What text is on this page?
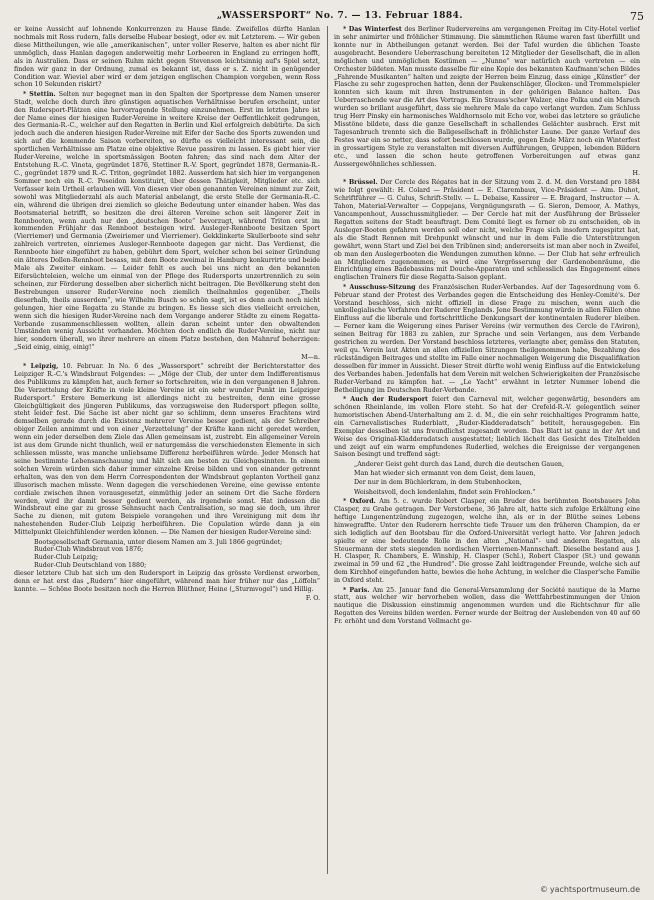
„WASSERSPORT“ No. 7. — 13. Februar 1884.	75

er keine Aussicht auf lohnende Konkurrenzen zu Hause fände. Zweifellos dürfte Hanlan nochmals mit Ross rudern, falls derselbe Hubear besiegt, oder ev. mit Letzterem. — Wir geben diese Mittheilungen, wie alle „amerikanischen“, unter voller Reserve, halten es aber nicht für unmöglich, dass Hanlan dagegen anderweitig mehr Lorbeeren in England zu erringen hofft, als in Australien. Dass er seinen Ruhm nicht gegen Stevenson leichtsinnig auf's Spiel setzt, finden wir ganz in der Ordnung, zumal es bekannt ist, dass er s. Z. nicht in genügender Condition war. Wieviel aber wird er dem jetzigen englischen Champion vorgeben, wenn Ross schon 10 Sekunden riskirt?

* Stettin. Selten nur begegnet man in den Spalten der Sportpresse dem Namen unserer Stadt, welche doch durch ihre günstigen aquatischen Verhältnisse berufen erscheint, unter den Rudersport-Plätzen eine hervorragende Stellung einzunehmen. Erst im letzten Jahre ist der Name eines der hiesigen Ruder-Vereine in weitere Kreise der Oeffentlichkeit gedrungen, des Germania-R.-C., welcher auf den Regatten in Berlin und Kiel erfolgreich debütirte. Da sich jedoch auch die anderen hiesigen Ruder-Vereine mit Eifer der Sache des Sports zuwenden und sich auf die kommende Saison vorbereiten, so dürfte es vielleicht interessant sein, die sportlichen Verhältnisse am Platze eine objektive Revue passiren zu lassen. Es giebt hier vier Ruder-Vereine, welche in sportsmässigen Booten fahren; das sind nach dem Alter der Entstehung R.-C. Vineta, gegründet 1876, Stettiner R.-V. Sport, gegründet 1878, Germania-R.-C., gegründet 1879 und R.-C. Triton, gegründet 1882. Ausserdem hat sich hier im vergangenen Sommer noch ein R.-C. Poseidon konstituirt, über dessen Thätigkeit, Mitglieder etc. sich Verfasser kein Urtheil erlauben will. Von diesen vier oben genannten Vereinen nimmt zur Zeit, sowohl was Mitgliederzahl als auch Material anbelangt, die erste Stelle der Germania-R.-C. ein, während die übrigen drei ziemlich so gleiche Bedeutung unter einander haben. Was das Bootsmaterial betrifft, so besitzen die drei älteren Vereine schon seit längerer Zeit in Rennbooten, wenn auch nur den „deutschen Boote“ bevorzugt, während Triton erst im kommenden Frühjahr das Rennboot besteigen wird. Ausleger-Rennboote besitzen Sport (Vierriemer) und Germania (Zweiriemer und Vierriemer). Gekklinkerte Skullerboote sind sehr zahlreich vertreten, einriemes Ausleger-Rennboote dagegen gar nicht. Das Verdienst, die Rennboote hier eingeführt zu haben, gebührt dem Sport, welcher schon bei seiner Gründung ein älteres Dollen-Rennboot besass, mit dem Boote zweimal in Hamburg konkurrirte und beide Male als Zweiter einkam. — Leider fehlt es auch bei uns nicht an den bekannten Eifersüchteleien, welche um einmal von der Pflege des Rudersports unzertrennlich zu sein scheinen, zur Förderung desselben aber sicherlich nicht beitragen. Die Bevölkerung steht den Bestrebungen unserer Ruder-Vereine noch ziemlich theilnahmlos gegenüber. „Theils dieserhalb, theils ausserdem“, wie Wilhelm Busch so schön sagt, ist es denn auch noch nicht gelungen, hier eine Regatta zu Stande zu bringen. Es liesse sich dies vielleicht erreichen, wenn sich die hiesigen Ruder-Vereine nach dem Vorgange anderer Städte zu einem Regatta-Verbande zusammenschliessen wollten, allein daran scheint unter den obwaltenden Umständen wenig Aussicht vorhanden. Möchten doch endlich die Ruder-Vereine, nicht nur hier, sondern überall, wo ihrer mehrere an einem Platze bestehen, den Mahnruf beherzigen: „Seid einig, einig, einig!“

M—n.

* Leipzig, 10. Februar. In No. 6 des „Wassersport“ schreibt der Berichterstatter des Leipziger R.-C.'s Windsbraut Folgendes: — „Möge der Club, der unter dem Indifferentismus des Publikums zu kämpfen hat, auch ferner so fortschreiten, wie in den vergangenen 8 Jahren. Die Verzettelung der Kräfte in viele kleine Vereine ist ein sehr wunder Punkt im Leipziger Rudersport.“ Erstere Bemerkung ist allerdings nicht zu bestreiten, denn eine grosse Gleichgültigkeit des jüngeren Publikums, das vorzugsweise den Rudersport pflegen sollte, steht leider fest. Die Sache ist aber nicht gar so schlimm, denn unseres Erachtens wird demselben gerade durch die Existenz mehrerer Vereine besser gedient, als der Schreiber obiger Zeilen annimmt und von einer „Verzettelung“ der Kräfte kann nicht geredet werden, wenn ein jeder derselben dem Ziele das Allen gemeinsam ist, zustrebt. Ein allgemeiner Verein ist aus dem Grunde nicht thunlich, weil er naturgemäss die verschiedensten Elemente in sich schliessen müsste, was manche unliebsame Differenz herbeiführen würde. Jeder Mensch hat seine bestimmte Lebensanschauung und hält sich am besten zu Gleichgesinnten. In einem solchen Verein würden sich daher immer einzelne Kreise bilden und von einander getrennt erhalten, was den von dem Herrn Correspondenten der Windsbraut geplanten Vortheil ganz illusorisch machen müsste. Wenn dagegen die verschiedenen Vereine, eine gewisse entente cordiale zwischen ihnen vorausgesetzt, einmüthig jeder an seinem Ort die Sache fördern werden, wird ihr damit besser gedient werden, als irgendwie sonst. Hat indessen die Windsbraut eine gar zu grosse Sehnsucht nach Centralisation, so mag sie doch, um ihrer Sache zu dienen, mit gutem Beispiele vorangehen und ihre Vereinigung mit dem ihr nahestehenden Ruder-Club Leipzig herbeiführen. Die Copulation würde dann ja ein Mittelpunkt Gleichfühlender werden können. — Die Namen der hiesigen Ruder-Vereine sind:

Bootsgesellschaft Germania, unter diesem Namen am 3. Juli 1866 gegründet;

Ruder-Club Windsbraut von 1876;

Ruder-Club Leipzig;

Ruder-Club Deutschland von 1880;

dieser letztere Club hat sich um den Rudersport in Leipzig das grösste Verdienst erworben, denn er hat erst das „Rudern“ hier eingeführt, während man hier früher nur das „Löffeln“ kannte. — Schöne Boote besitzen noch die Herren Blüthner, Heine („Sturmvogel“) und Hillig.

F. O.

* Das Winterfest des Berliner Rudervereins am vergangenen Freitag im City-Hotel verlief in sehr animirter und fröhlicher Stimmung. Die sämmtlichen Räume waren fast überfüllt und konnte nur in Abtheilungen getanzt werden. Bei der Tafel wurden die üblichen Toaste ausgebracht. Besondere Ueberraschung bereiteten 12 Mitglieder der Gesellschaft, die in allen möglichen und unmöglichen Kostümen — „Nunne“ war natürlich auch vertreten — ein Orchester bildeten. Man musste dasselbe für eine Kopie des bekannten Kaufmann'schen Bildes „Fahrende Musikanten“ halten und zeigte der Herren beim Einzug, dass einige „Künstler“ der Flasche zu sehr zugesprochen hatten, denn der Paukenschläger, Glocken- und Trommelspieler konnten sich kaum mit ihren Instrumenten in der gehörigen Balance halten. Das Ueberraschende war die Art des Vortrags. Ein Strauss'scher Walzer, eine Polka und ein Marsch wurden so brillant ausgeführt, dass sie mehrere Male da capo verlangt wurden. Zum Schluss trug Herr Pinsky ein harmonisches Waldhornsolo mit Echo vor, wobei das letztere so gräuliche Misstöne bildete, dass die ganze Gesellschaft in schallendes Gelächter ausbrach. Erst mit Tagesanbruch trennte sich die Ballgesellschaft in fröhlichster Laune. Der ganze Verlauf des Festes war ein so netter, dass sofort beschlossen wurde, gegen Ende März noch ein Winterfest in grossartigem Style zu veranstalten mit diversen Aufführungen, Gruppen, lebenden Bildern etc., und lassen die schon heute getroffenen Vorbereitungen auf etwas ganz Aussergewöhnliches schliessen.

H.

* Brüssel. Der Cercle des Régates hat in der Sitzung vom 2. d. M. den Vorstand pro 1884 wie folgt gewählt: H. Colard — Präsident — E. Clarembaux, Vice-Präsident — Aim. Duhot, Schriftführer — G. Culus, Schrift-Stellv. — L. Debaise, Kassirer — E. Bragard, Instructor — A. Tahon, Material-Verwalter — Coppejans, Vergnügungsrath — G. Sieron, Demoor, A. Mathys, Vancampenhout, Ausschussmitglieder. — Der Cercle hat mit der Ausführung der Brüsseler Regatten seitens der Stadt beauftragt. Dem Comité liegt es ferner ob zu entscheiden, ob in Ausleger-Booten gefahren werden soll oder nicht, welche Frage sich insofern zugespitzt hat, als die Stadt Rennen mit Drehpunkt wünscht und nur in dem Falle die Unterstützungen gewährt, wenn Start und Ziel bei den Tribünen sind; andererseits ist man aber noch in Zweifel, ob man den Auslegerbooten die Wendungen zumuthen könne. — Der Club hat sehr erfreulich an Mitgliedern zugenommen; es wird eine Vergrösserung der Gardenobenräume, die Einrichtung eines Badebassins mit Douche-Apparaten und schliesslich das Engagement eines englischen Trainers für diese Regatta-Saison geplant.

* Ausschuss-Sitzung des Französischen Ruder-Verbandes. Auf der Tagesordnung vom 6. Februar stand der Protest des Verbandes gegen die Entscheidung des Henley-Comité's. Der Vorstand beschloss, sich nicht offiziell in diese Frage zu mischen, wenn auch die unkollegialische Verfahren der Ruderer Englands. Jene Bestimmung würde in allen Fällen ohne Einfluss auf die liberale und fortschrittliche Denkungsart der kontinentalen Ruderer bleiben. — Ferner kam die Weigerung eines Pariser Vereins (wir vermuthen des Cercle de l'Aviron), seinen Beitrag für 1883 zu zahlen, zur Sprache und sein Verlangen, aus dem Verbande gestrichen zu werden. Der Vorstand beschloss letzteres, verlangte aber, gemäss den Statuten, weil qu. Verein laut Akten an allen offiziellen Sitzungen theilgenommen habe, Bezahlung des rückständigen Beitrages und stellte im Falle einer nochmaligen Weigerung die Disqualifikation desselben für immer in Aussicht. Dieser Streit dürfte wohl wenig Einfluss auf die Entwickelung des Verbandes haben. Jedenfalls hat dem Verein mit welchen Schwierigkeiten der Französische Ruder-Verband zu kämpfen hat. — „Le Yacht“ erwähnt in letzter Nummer lobend die Betheiligung im Deutschen Ruder-Verbande.

* Auch der Rudersport feiert den Carneval mit, welcher gegenwärtig, besonders am schönen Rheinlande, im vollen Flore steht. So hat der Crefeld-R.-V. gelegentlich seiner humoristischen Abend-Unterhaltung am 2. d. M., die ein sehr reichhaltiges Programm hatte, ein Carnevalistisches Ruderblatt, „Ruder-Kladderadatsch“ betitelt, herausgegeben. Ein Exemplar desselben ist uns freundlichst zugesandt worden. Das Blatt ist ganz in der Art und Weise des Original-Kladderadatsch ausgestattet; lieblich lächelt das Gesicht des Titelhelden und zeigt auf ein warm empfundenes Ruderlied, welches die Ereignisse der vergangenen Saison besingt und treffend sagt:

„Anderer Geist geht durch das Land, durch die deutschen Gauen,

Man hat wieder sich ermannt von dem Geist, dem lauen,

Der nur in dem Büchlerkram, in dem Stubenhocken,

Weisheitsvoll, doch lendenlahm, findet sein Frohlocken.“

* Oxford. Am 5. c. wurde Robert Clasper, ein Bruder des berühmten Bootsbauers John Clasper, zu Grabe getragen. Der Verstorbene, 36 Jahre alt, hatte sich zufolge Erkältung eine heftige Lungenentzündung zugezogen, welche ihn, als er in der Blüthe seines Lebens hinwegraffte. Unter den Ruderern herrschte tiefe Trauer um den früheren Champion, da er sich lediglich auf den Bootsbau für die Oxford-Universität verlegt hatte. Vor Jahren jedoch spielte er eine bedeutende Rolle in den alten „National“- und anderen Regatten, als Steuermann der stets siegenden nordischen Vierriemen-Mannschaft. Dieselbe bestand aus J. H. Clasper, R. Chambers, E. Winship, H. Clasper (Schl.), Robert Clasper (St.) und gewann zweimal in 59 und 62 „the Hundred“. Die grosse Zahl leidtragender Freunde, welche sich auf dem Kirchhof eingefunden hatte, bewies die hohe Achtung, in welcher die Clasper'sche Familie in Oxford steht.

* Paris. Am 25. Januar fand die General-Versammlung der Société nautique de la Marne statt, aus welcher wir hervorheben wollen, dass die Wettfahrbestimmungen der Union nautique die Diskussion einstimmig angenommen wurden und die Richtschnur für alle Regatten des Vereins bilden werden. Ferner wurde der Beitrag der Auslebenden von 40 auf 60 Fr. erhöht und dem Vorstand Vollmacht ge-

© yachtsportmuseum.de
